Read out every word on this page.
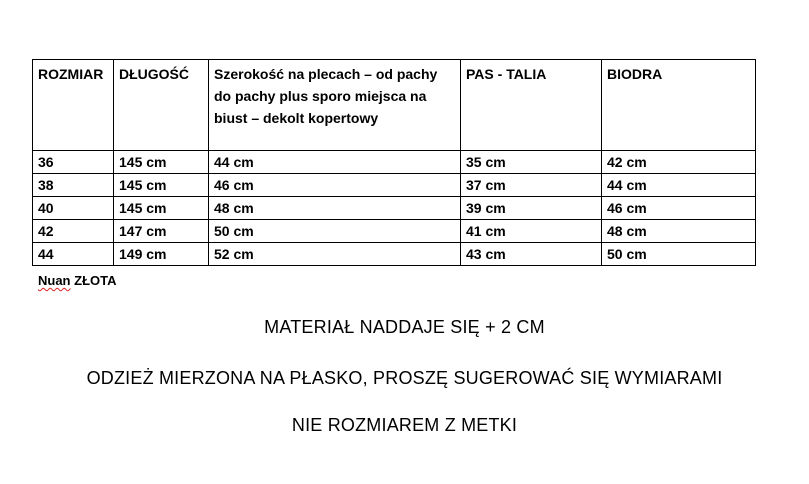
ROZMIAR	DŁUGOŚĆ	Szerokość na plecach – od pachy do pachy plus sporo miejsca na biust – dekolt kopertowy	PAS - TALIA	BIODRA
36	145 cm	44 cm	35 cm	42 cm
38	145 cm	46 cm	37 cm	44 cm
40	145 cm	48 cm	39 cm	46 cm
42	147 cm	50 cm	41 cm	48 cm
44	149 cm	52 cm	43 cm	50 cm
Nuan ZŁOTA
MATERIAŁ NADDAJE SIĘ + 2 CM
ODZIEŻ MIERZONA NA PŁASKO, PROSZĘ SUGEROWAĆ SIĘ WYMIARAMI
NIE ROZMIAREM Z METKI
